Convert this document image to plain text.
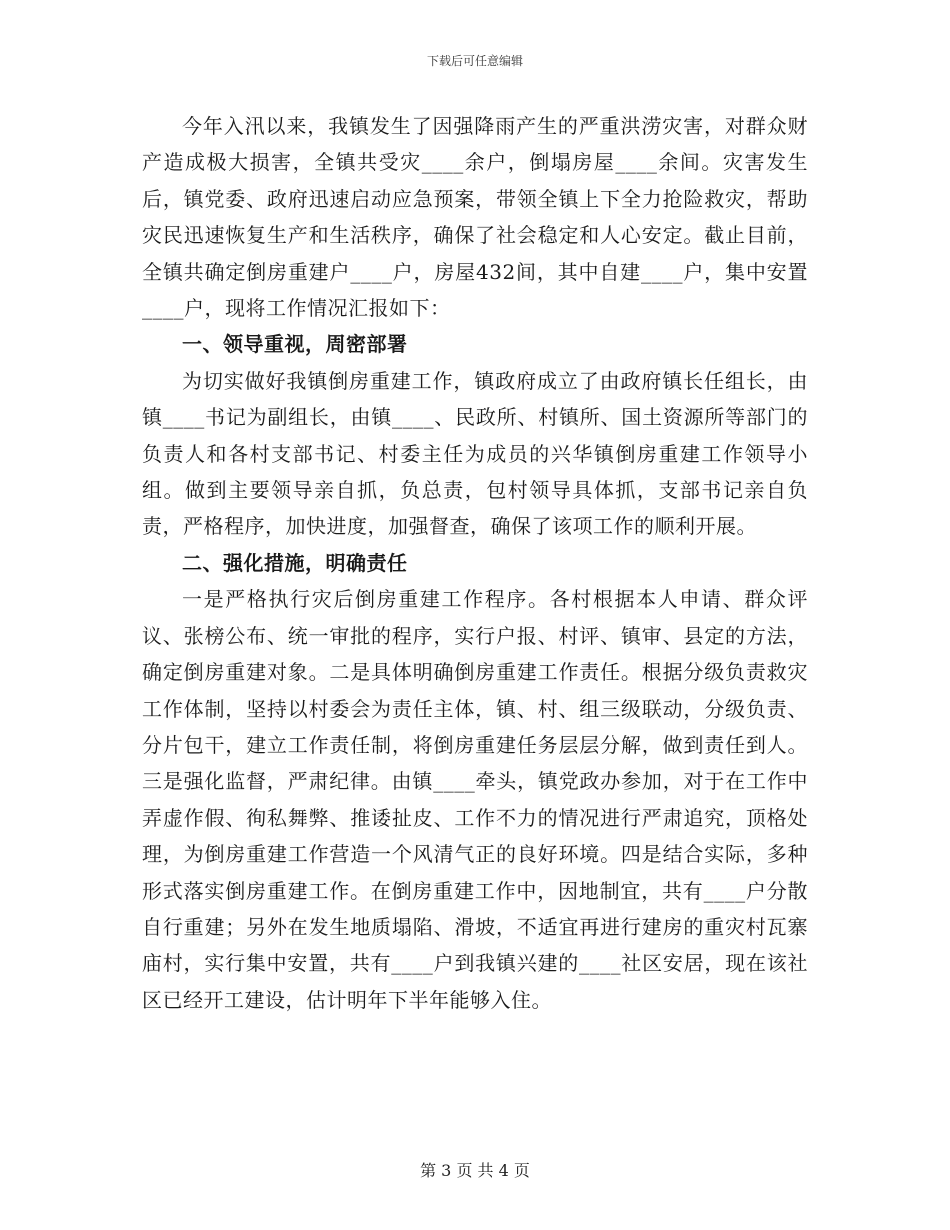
下载后可任意编辑

今年入汛以来，我镇发生了因强降雨产生的严重洪涝灾害，对群众财产造成极大损害，全镇共受灾____余户，倒塌房屋____余间。灾害发生后，镇党委、政府迅速启动应急预案，带领全镇上下全力抢险救灾，帮助灾民迅速恢复生产和生活秩序，确保了社会稳定和人心安定。截止目前，全镇共确定倒房重建户____户，房屋432间，其中自建____户，集中安置____户，现将工作情况汇报如下：

一、领导重视，周密部署

为切实做好我镇倒房重建工作，镇政府成立了由政府镇长任组长，由镇____书记为副组长，由镇____、民政所、村镇所、国土资源所等部门的负责人和各村支部书记、村委主任为成员的兴华镇倒房重建工作领导小组。做到主要领导亲自抓，负总责，包村领导具体抓，支部书记亲自负责，严格程序，加快进度，加强督查，确保了该项工作的顺利开展。

二、强化措施，明确责任

一是严格执行灾后倒房重建工作程序。各村根据本人申请、群众评议、张榜公布、统一审批的程序，实行户报、村评、镇审、县定的方法，确定倒房重建对象。二是具体明确倒房重建工作责任。根据分级负责救灾工作体制，坚持以村委会为责任主体，镇、村、组三级联动，分级负责、分片包干，建立工作责任制，将倒房重建任务层层分解，做到责任到人。三是强化监督，严肃纪律。由镇____牵头，镇党政办参加，对于在工作中弄虚作假、徇私舞弊、推诿扯皮、工作不力的情况进行严肃追究，顶格处理，为倒房重建工作营造一个风清气正的良好环境。四是结合实际，多种形式落实倒房重建工作。在倒房重建工作中，因地制宜，共有____户分散自行重建；另外在发生地质塌陷、滑坡，不适宜再进行建房的重灾村瓦寨庙村，实行集中安置，共有____户到我镇兴建的____社区安居，现在该社区已经开工建设，估计明年下半年能够入住。

第 3 页 共 4 页
